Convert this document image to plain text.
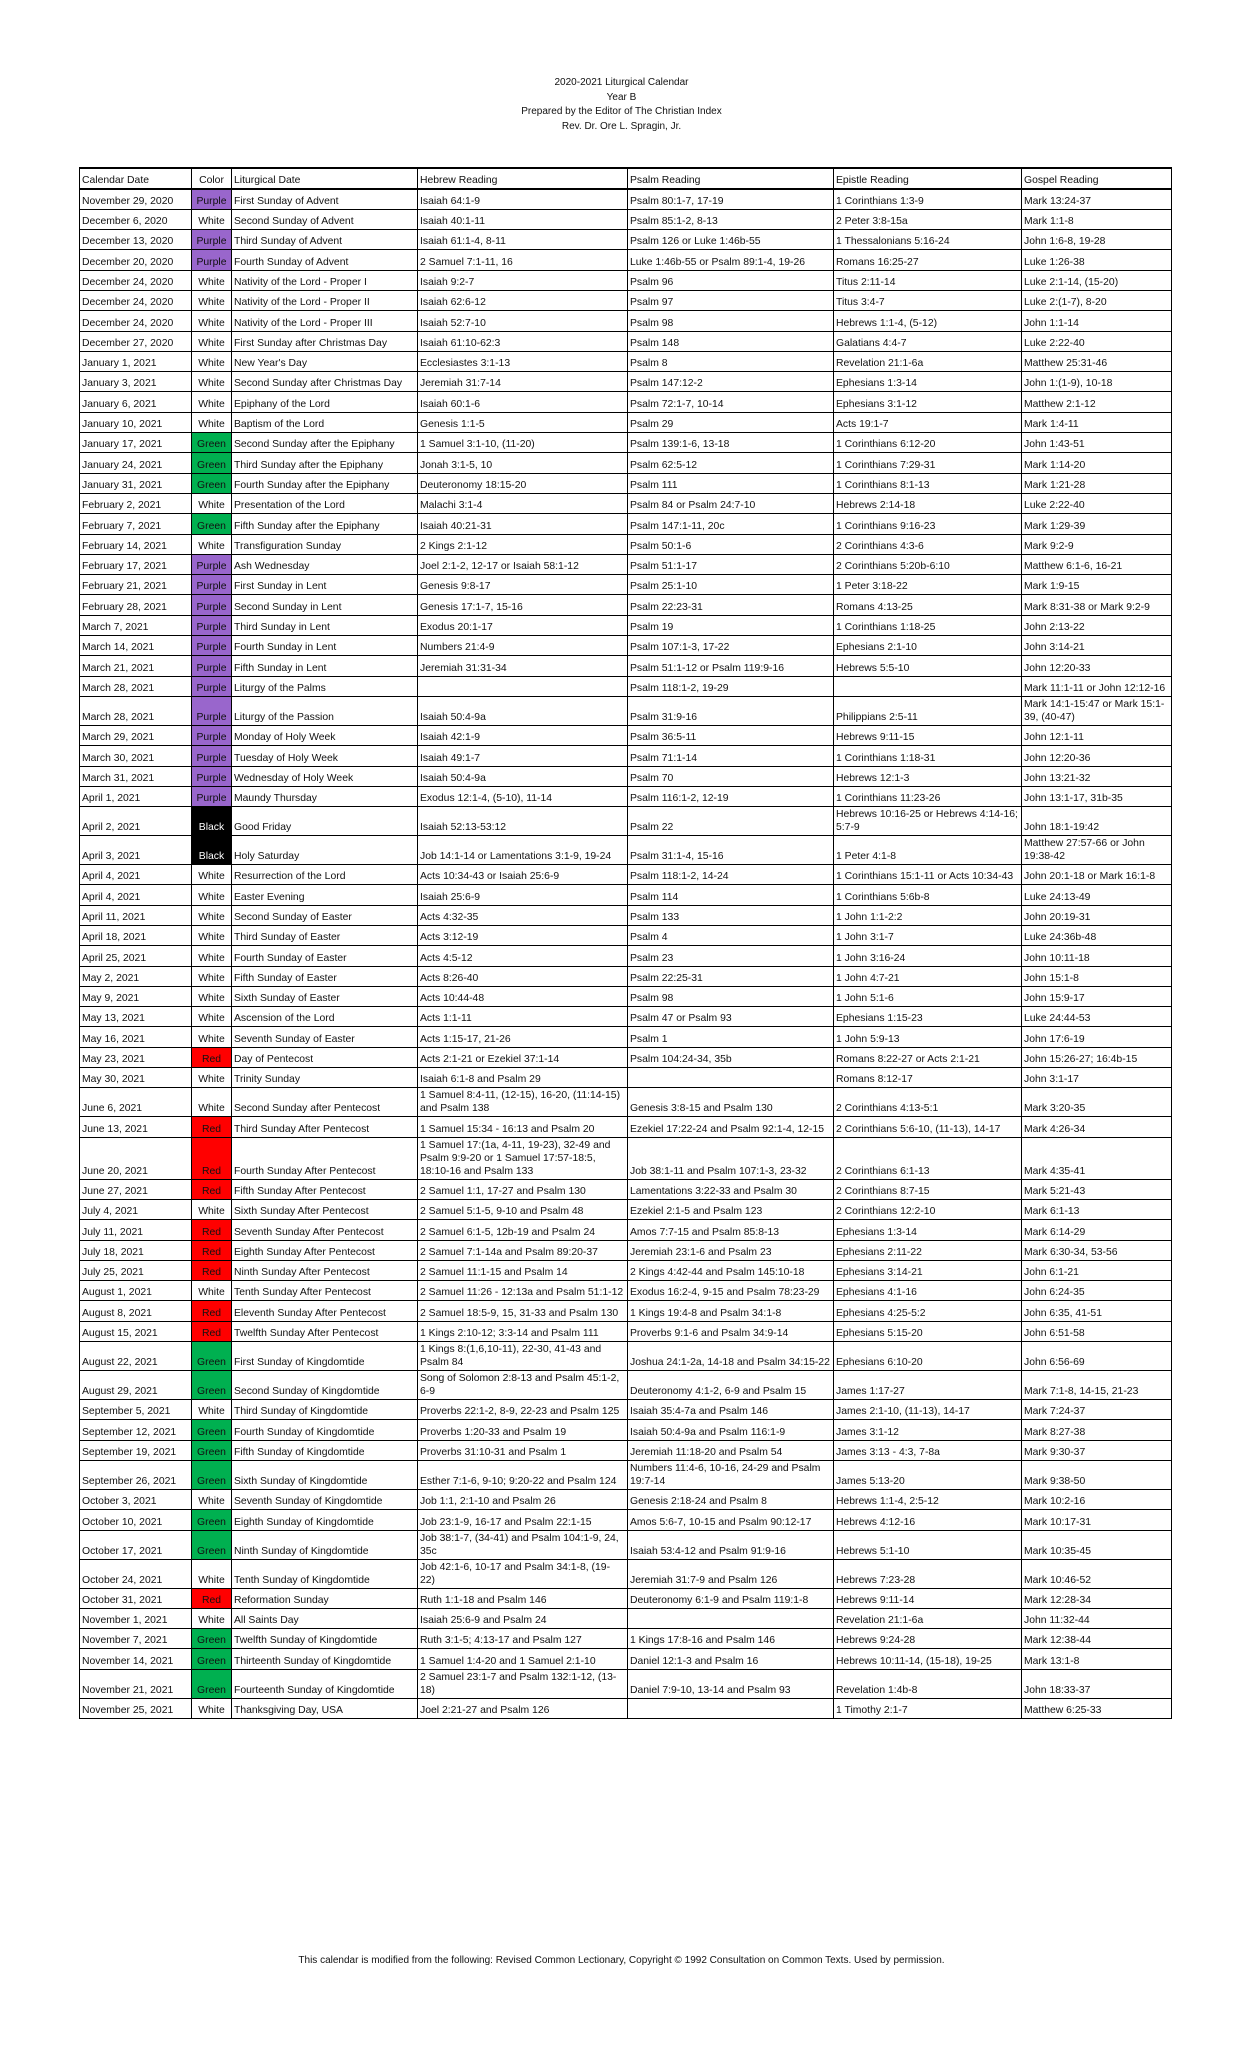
2020-2021 Liturgical Calendar
Year B
Prepared by the Editor of The Christian Index
Rev. Dr. Ore L. Spragin, Jr.
Calendar Date	Color	Liturgical Date	Hebrew Reading	Psalm Reading	Epistle Reading	Gospel Reading
November 29, 2020	Purple	First Sunday of Advent	Isaiah 64:1-9	Psalm 80:1-7, 17-19	1 Corinthians 1:3-9	Mark 13:24-37
December 6, 2020	White	Second Sunday of Advent	Isaiah 40:1-11	Psalm 85:1-2, 8-13	2 Peter 3:8-15a	Mark 1:1-8
December 13, 2020	Purple	Third Sunday of Advent	Isaiah 61:1-4, 8-11	Psalm 126 or Luke 1:46b-55	1 Thessalonians 5:16-24	John 1:6-8, 19-28
December 20, 2020	Purple	Fourth Sunday of Advent	2 Samuel 7:1-11, 16	Luke 1:46b-55 or Psalm 89:1-4, 19-26	Romans 16:25-27	Luke 1:26-38
December 24, 2020	White	Nativity of the Lord - Proper I	Isaiah 9:2-7	Psalm 96	Titus 2:11-14	Luke 2:1-14, (15-20)
December 24, 2020	White	Nativity of the Lord - Proper II	Isaiah 62:6-12	Psalm 97	Titus 3:4-7	Luke 2:(1-7), 8-20
December 24, 2020	White	Nativity of the Lord - Proper III	Isaiah 52:7-10	Psalm 98	Hebrews 1:1-4, (5-12)	John 1:1-14
December 27, 2020	White	First Sunday after Christmas Day	Isaiah 61:10-62:3	Psalm 148	Galatians 4:4-7	Luke 2:22-40
January 1, 2021	White	New Year's Day	Ecclesiastes 3:1-13	Psalm 8	Revelation 21:1-6a	Matthew 25:31-46
January 3, 2021	White	Second Sunday after Christmas Day	Jeremiah 31:7-14	Psalm 147:12-2	Ephesians 1:3-14	John 1:(1-9), 10-18
January 6, 2021	White	Epiphany of the Lord	Isaiah 60:1-6	Psalm 72:1-7, 10-14	Ephesians 3:1-12	Matthew 2:1-12
January 10, 2021	White	Baptism of the Lord	Genesis 1:1-5	Psalm 29	Acts 19:1-7	Mark 1:4-11
January 17, 2021	Green	Second Sunday after the Epiphany	1 Samuel 3:1-10, (11-20)	Psalm 139:1-6, 13-18	1 Corinthians 6:12-20	John 1:43-51
January 24, 2021	Green	Third Sunday after the Epiphany	Jonah 3:1-5, 10	Psalm 62:5-12	1 Corinthians 7:29-31	Mark 1:14-20
January 31, 2021	Green	Fourth Sunday after the Epiphany	Deuteronomy 18:15-20	Psalm 111	1 Corinthians 8:1-13	Mark 1:21-28
February 2, 2021	White	Presentation of the Lord	Malachi 3:1-4	Psalm 84 or Psalm 24:7-10	Hebrews 2:14-18	Luke 2:22-40
February 7, 2021	Green	Fifth Sunday after the Epiphany	Isaiah 40:21-31	Psalm 147:1-11, 20c	1 Corinthians 9:16-23	Mark 1:29-39
February 14, 2021	White	Transfiguration Sunday	2 Kings 2:1-12	Psalm 50:1-6	2 Corinthians 4:3-6	Mark 9:2-9
February 17, 2021	Purple	Ash Wednesday	Joel 2:1-2, 12-17 or Isaiah 58:1-12	Psalm 51:1-17	2 Corinthians 5:20b-6:10	Matthew 6:1-6, 16-21
February 21, 2021	Purple	First Sunday in Lent	Genesis 9:8-17	Psalm 25:1-10	1 Peter 3:18-22	Mark 1:9-15
February 28, 2021	Purple	Second Sunday in Lent	Genesis 17:1-7, 15-16	Psalm 22:23-31	Romans 4:13-25	Mark 8:31-38 or Mark 9:2-9
March 7, 2021	Purple	Third Sunday in Lent	Exodus 20:1-17	Psalm 19	1 Corinthians 1:18-25	John 2:13-22
March 14, 2021	Purple	Fourth Sunday in Lent	Numbers 21:4-9	Psalm 107:1-3, 17-22	Ephesians 2:1-10	John 3:14-21
March 21, 2021	Purple	Fifth Sunday in Lent	Jeremiah 31:31-34	Psalm 51:1-12 or Psalm 119:9-16	Hebrews 5:5-10	John 12:20-33
March 28, 2021	Purple	Liturgy of the Palms		Psalm 118:1-2, 19-29		Mark 11:1-11 or John 12:12-16
March 28, 2021	Purple	Liturgy of the Passion	Isaiah 50:4-9a	Psalm 31:9-16	Philippians 2:5-11	Mark 14:1-15:47 or Mark 15:1-39, (40-47)
March 29, 2021	Purple	Monday of Holy Week	Isaiah 42:1-9	Psalm 36:5-11	Hebrews 9:11-15	John 12:1-11
March 30, 2021	Purple	Tuesday of Holy Week	Isaiah 49:1-7	Psalm 71:1-14	1 Corinthians 1:18-31	John 12:20-36
March 31, 2021	Purple	Wednesday of Holy Week	Isaiah 50:4-9a	Psalm 70	Hebrews 12:1-3	John 13:21-32
April 1, 2021	Purple	Maundy Thursday	Exodus 12:1-4, (5-10), 11-14	Psalm 116:1-2, 12-19	1 Corinthians 11:23-26	John 13:1-17, 31b-35
April 2, 2021	Black	Good Friday	Isaiah 52:13-53:12	Psalm 22	Hebrews 10:16-25 or Hebrews 4:14-16; 5:7-9	John 18:1-19:42
April 3, 2021	Black	Holy Saturday	Job 14:1-14 or Lamentations 3:1-9, 19-24	Psalm 31:1-4, 15-16	1 Peter 4:1-8	Matthew 27:57-66 or John 19:38-42
April 4, 2021	White	Resurrection of the Lord	Acts 10:34-43 or Isaiah 25:6-9	Psalm 118:1-2, 14-24	1 Corinthians 15:1-11 or Acts 10:34-43	John 20:1-18 or Mark 16:1-8
April 4, 2021	White	Easter Evening	Isaiah 25:6-9	Psalm 114	1 Corinthians 5:6b-8	Luke 24:13-49
April 11, 2021	White	Second Sunday of Easter	Acts 4:32-35	Psalm 133	1 John 1:1-2:2	John 20:19-31
April 18, 2021	White	Third Sunday of Easter	Acts 3:12-19	Psalm 4	1 John 3:1-7	Luke 24:36b-48
April 25, 2021	White	Fourth Sunday of Easter	Acts 4:5-12	Psalm 23	1 John 3:16-24	John 10:11-18
May 2, 2021	White	Fifth Sunday of Easter	Acts 8:26-40	Psalm 22:25-31	1 John 4:7-21	John 15:1-8
May 9, 2021	White	Sixth Sunday of Easter	Acts 10:44-48	Psalm 98	1 John 5:1-6	John 15:9-17
May 13, 2021	White	Ascension of the Lord	Acts 1:1-11	Psalm 47 or Psalm 93	Ephesians 1:15-23	Luke 24:44-53
May 16, 2021	White	Seventh Sunday of Easter	Acts 1:15-17, 21-26	Psalm 1	1 John 5:9-13	John 17:6-19
May 23, 2021	Red	Day of Pentecost	Acts 2:1-21 or Ezekiel 37:1-14	Psalm 104:24-34, 35b	Romans 8:22-27 or Acts 2:1-21	John 15:26-27; 16:4b-15
May 30, 2021	White	Trinity Sunday	Isaiah 6:1-8 and Psalm 29		Romans 8:12-17	John 3:1-17
June 6, 2021	White	Second Sunday after Pentecost	1 Samuel 8:4-11, (12-15), 16-20, (11:14-15) and Psalm 138	Genesis 3:8-15 and Psalm 130	2 Corinthians 4:13-5:1	Mark 3:20-35
June 13, 2021	Red	Third Sunday After Pentecost	1 Samuel 15:34 - 16:13 and Psalm 20	Ezekiel 17:22-24 and Psalm 92:1-4, 12-15	2 Corinthians 5:6-10, (11-13), 14-17	Mark 4:26-34
June 20, 2021	Red	Fourth Sunday After Pentecost	1 Samuel 17:(1a, 4-11, 19-23), 32-49 and Psalm 9:9-20 or 1 Samuel 17:57-18:5, 18:10-16 and Psalm 133	Job 38:1-11 and Psalm 107:1-3, 23-32	2 Corinthians 6:1-13	Mark 4:35-41
June 27, 2021	Red	Fifth Sunday After Pentecost	2 Samuel 1:1, 17-27 and Psalm 130	Lamentations 3:22-33 and Psalm 30	2 Corinthians 8:7-15	Mark 5:21-43
July 4, 2021	White	Sixth Sunday After Pentecost	2 Samuel 5:1-5, 9-10 and Psalm 48	Ezekiel 2:1-5 and Psalm 123	2 Corinthians 12:2-10	Mark 6:1-13
July 11, 2021	Red	Seventh Sunday After Pentecost	2 Samuel 6:1-5, 12b-19 and Psalm 24	Amos 7:7-15 and Psalm 85:8-13	Ephesians 1:3-14	Mark 6:14-29
July 18, 2021	Red	Eighth Sunday After Pentecost	2 Samuel 7:1-14a and Psalm 89:20-37	Jeremiah 23:1-6 and Psalm 23	Ephesians 2:11-22	Mark 6:30-34, 53-56
July 25, 2021	Red	Ninth Sunday After Pentecost	2 Samuel 11:1-15 and Psalm 14	2 Kings 4:42-44 and Psalm 145:10-18	Ephesians 3:14-21	John 6:1-21
August 1, 2021	White	Tenth Sunday After Pentecost	2 Samuel 11:26 - 12:13a and Psalm 51:1-12	Exodus 16:2-4, 9-15 and Psalm 78:23-29	Ephesians 4:1-16	John 6:24-35
August 8, 2021	Red	Eleventh Sunday After Pentecost	2 Samuel 18:5-9, 15, 31-33 and Psalm 130	1 Kings 19:4-8 and Psalm 34:1-8	Ephesians 4:25-5:2	John 6:35, 41-51
August 15, 2021	Red	Twelfth Sunday After Pentecost	1 Kings 2:10-12; 3:3-14 and Psalm 111	Proverbs 9:1-6 and Psalm 34:9-14	Ephesians 5:15-20	John 6:51-58
August 22, 2021	Green	First Sunday of Kingdomtide	1 Kings 8:(1,6,10-11), 22-30, 41-43 and Psalm 84	Joshua 24:1-2a, 14-18 and Psalm 34:15-22	Ephesians 6:10-20	John 6:56-69
August 29, 2021	Green	Second Sunday of Kingdomtide	Song of Solomon 2:8-13 and Psalm 45:1-2, 6-9	Deuteronomy 4:1-2, 6-9 and Psalm 15	James 1:17-27	Mark 7:1-8, 14-15, 21-23
September 5, 2021	White	Third Sunday of Kingdomtide	Proverbs 22:1-2, 8-9, 22-23 and Psalm 125	Isaiah 35:4-7a and Psalm 146	James 2:1-10, (11-13), 14-17	Mark 7:24-37
September 12, 2021	Green	Fourth Sunday of Kingdomtide	Proverbs 1:20-33 and Psalm 19	Isaiah 50:4-9a and Psalm 116:1-9	James 3:1-12	Mark 8:27-38
September 19, 2021	Green	Fifth Sunday of Kingdomtide	Proverbs 31:10-31 and Psalm 1	Jeremiah 11:18-20 and Psalm 54	James 3:13 - 4:3, 7-8a	Mark 9:30-37
September 26, 2021	Green	Sixth Sunday of Kingdomtide	Esther 7:1-6, 9-10; 9:20-22 and Psalm 124	Numbers 11:4-6, 10-16, 24-29 and Psalm 19:7-14	James 5:13-20	Mark 9:38-50
October 3, 2021	White	Seventh Sunday of Kingdomtide	Job 1:1, 2:1-10 and Psalm 26	Genesis 2:18-24 and Psalm 8	Hebrews 1:1-4, 2:5-12	Mark 10:2-16
October 10, 2021	Green	Eighth Sunday of Kingdomtide	Job 23:1-9, 16-17 and Psalm 22:1-15	Amos 5:6-7, 10-15 and Psalm 90:12-17	Hebrews 4:12-16	Mark 10:17-31
October 17, 2021	Green	Ninth Sunday of Kingdomtide	Job 38:1-7, (34-41) and Psalm 104:1-9, 24, 35c	Isaiah 53:4-12 and Psalm 91:9-16	Hebrews 5:1-10	Mark 10:35-45
October 24, 2021	White	Tenth Sunday of Kingdomtide	Job 42:1-6, 10-17 and Psalm 34:1-8, (19-22)	Jeremiah 31:7-9 and Psalm 126	Hebrews 7:23-28	Mark 10:46-52
October 31, 2021	Red	Reformation Sunday	Ruth 1:1-18 and Psalm 146	Deuteronomy 6:1-9 and Psalm 119:1-8	Hebrews 9:11-14	Mark 12:28-34
November 1, 2021	White	All Saints Day	Isaiah 25:6-9 and Psalm 24		Revelation 21:1-6a	John 11:32-44
November 7, 2021	Green	Twelfth Sunday of Kingdomtide	Ruth 3:1-5; 4:13-17 and Psalm 127	1 Kings 17:8-16 and Psalm 146	Hebrews 9:24-28	Mark 12:38-44
November 14, 2021	Green	Thirteenth Sunday of Kingdomtide	1 Samuel 1:4-20 and 1 Samuel 2:1-10	Daniel 12:1-3 and Psalm 16	Hebrews 10:11-14, (15-18), 19-25	Mark 13:1-8
November 21, 2021	Green	Fourteenth Sunday of Kingdomtide	2 Samuel 23:1-7 and Psalm 132:1-12, (13-18)	Daniel 7:9-10, 13-14 and Psalm 93	Revelation 1:4b-8	John 18:33-37
November 25, 2021	White	Thanksgiving Day, USA	Joel 2:21-27 and Psalm 126		1 Timothy 2:1-7	Matthew 6:25-33
This calendar is modified from the following: Revised Common Lectionary, Copyright © 1992 Consultation on Common Texts. Used by permission.
